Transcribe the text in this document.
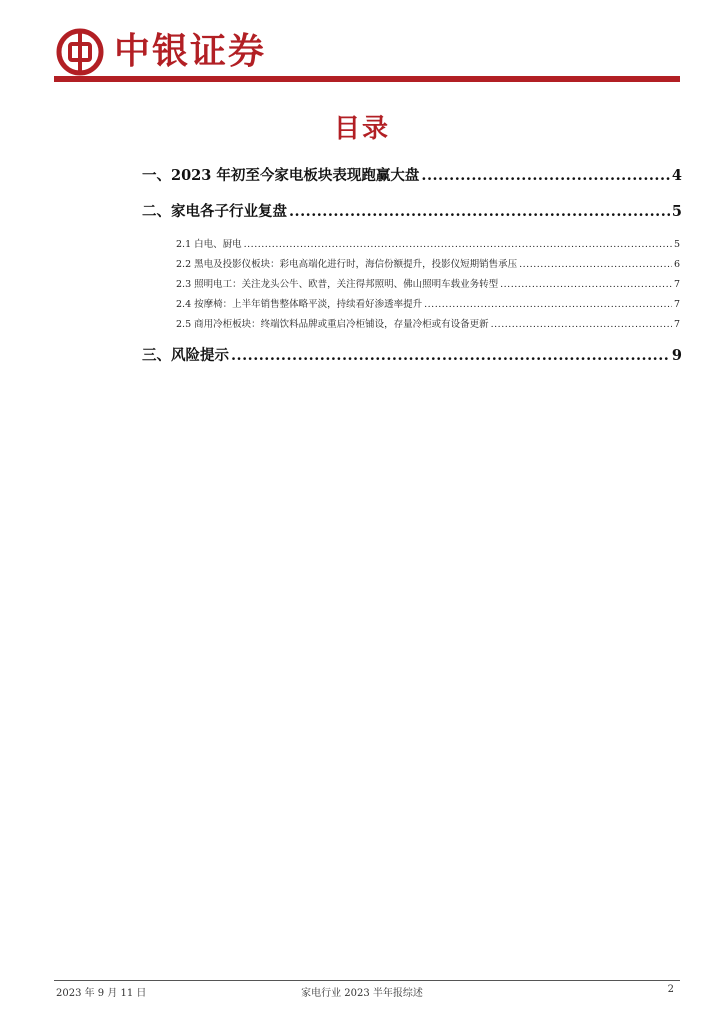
中银证券
目录
一、2023 年初至今家电板块表现跑赢大盘 .....	4
二、家电各子行业复盘 .....	5
2.1 白电、厨电 .....	5
2.2 黑电及投影仪板块：彩电高端化进行时，海信份额提升，投影仪短期销售承压 .....	6
2.3 照明电工：关注龙头公牛、欧普，关注得邦照明、佛山照明车载业务转型 .....	7
2.4 按摩椅：上半年销售整体略平淡，持续看好渗透率提升 .....	7
2.5 商用冷柜板块：终端饮料品牌或重启冷柜铺设，存量冷柜或有设备更新 .....	7
三、风险提示 .....	9
2023 年 9 月 11 日	家电行业 2023 半年报综述	2
